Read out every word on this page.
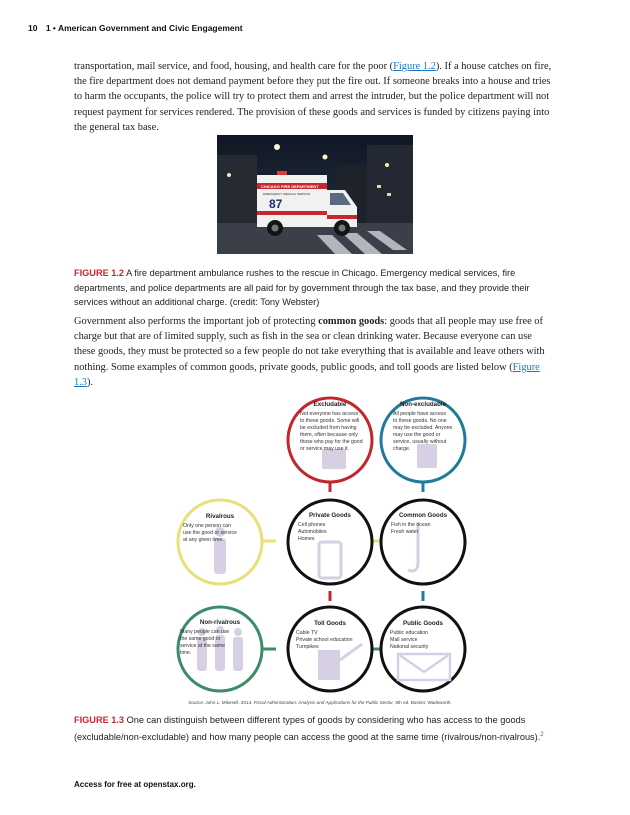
10 1 • American Government and Civic Engagement

transportation, mail service, and food, housing, and health care for the poor (Figure 1.2). If a house catches on fire, the fire department does not demand payment before they put the fire out. If someone breaks into a house and tries to harm the occupants, the police will try to protect them and arrest the intruder, but the police department will not request payment for services rendered. The provision of these goods and services is funded by citizens paying into the general tax base.

CHICAGO FIRE DEPARTMENT
EMERGENCY MEDICAL SERVICE
87

FIGURE 1.2 A fire department ambulance rushes to the rescue in Chicago. Emergency medical services, fire departments, and police departments are all paid for by government through the tax base, and they provide their services without an additional charge. (credit: Tony Webster)

Government also performs the important job of protecting common goods: goods that all people may use free of charge but that are of limited supply, such as fish in the sea or clean drinking water. Because everyone can use these goods, they must be protected so a few people do not take everything that is available and leave others with nothing. Some examples of common goods, private goods, public goods, and toll goods are listed below (Figure 1.3).

Excludable
Not everyone has access to these goods. Some will be excluded from having them, often because only those who pay for the good or service may use it.
Non-excludable
All people have access to these goods. No one may be excluded. Anyone may use the good or service, usually without charge.
Rivalrous
Only one person can use the good or service at any given time.
Private Goods
Cell phones Automobiles Homes
Common Goods
Fish in the ocean Fresh water
Non-rivalrous
Many people can use the same good or service at the same time.
Toll Goods
Cable TV Private school education Turnpikes
Public Goods
Public education Mail service National security
Source: John L. Mikesell. 2014. Fiscal Administration: Analysis and Applications for the Public Sector, 9th ed. Boston: Wadsworth.

FIGURE 1.3 One can distinguish between different types of goods by considering who has access to the goods (excludable/non-excludable) and how many people can access the good at the same time (rivalrous/non-rivalrous).$^2$

Access for free at openstax.org.
